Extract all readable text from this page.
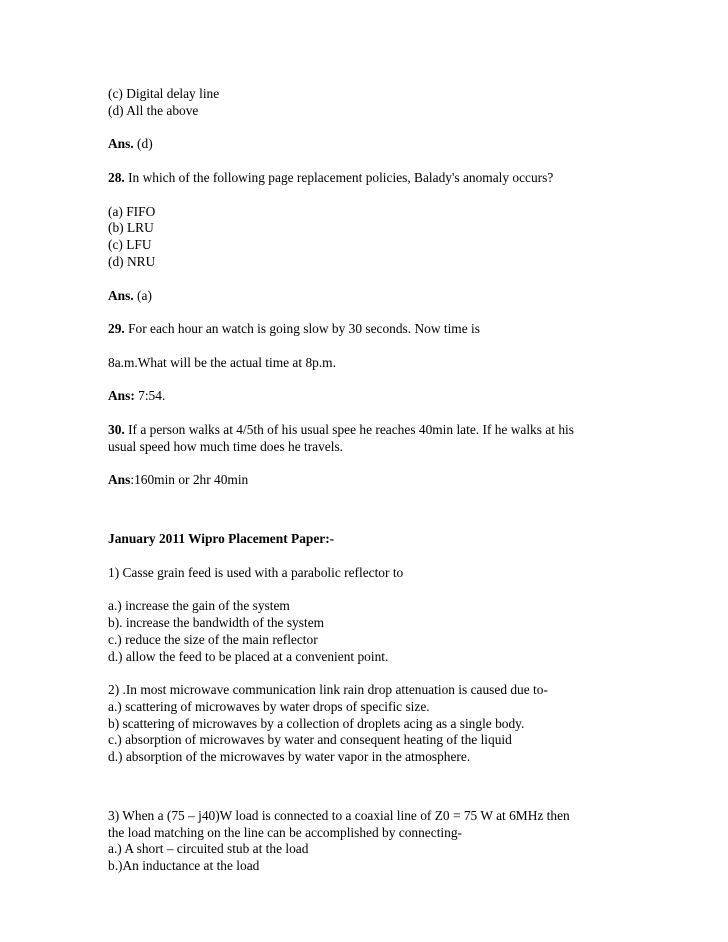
(c) Digital delay line
(d) All the above
Ans. (d)
28. In which of the following page replacement policies, Balady's anomaly occurs?
(a) FIFO
(b) LRU
(c) LFU
(d) NRU
Ans. (a)
29. For each hour an watch is going slow by 30 seconds. Now time is
8a.m.What will be the actual time at 8p.m.
Ans: 7:54.
30. If a person walks at 4/5th of his usual spee he reaches 40min late. If he walks at his
usual speed how much time does he travels.
Ans:160min or 2hr 40min
January 2011 Wipro Placement Paper:-
1) Casse grain feed is used with a parabolic reflector to
a.) increase the gain of the system
b). increase the bandwidth of the system
c.) reduce the size of the main reflector
d.) allow the feed to be placed at a convenient point.
2) .In most microwave communication link rain drop attenuation is caused due to-
a.) scattering of microwaves by water drops of specific size.
b) scattering of microwaves by a collection of droplets acing as a single body.
c.) absorption of microwaves by water and consequent heating of the liquid
d.) absorption of the microwaves by water vapor in the atmosphere.
3) When a (75 – j40)W load is connected to a coaxial line of Z0 = 75 W at 6MHz then
the load matching on the line can be accomplished by connecting-
a.) A short – circuited stub at the load
b.)An inductance at the load
